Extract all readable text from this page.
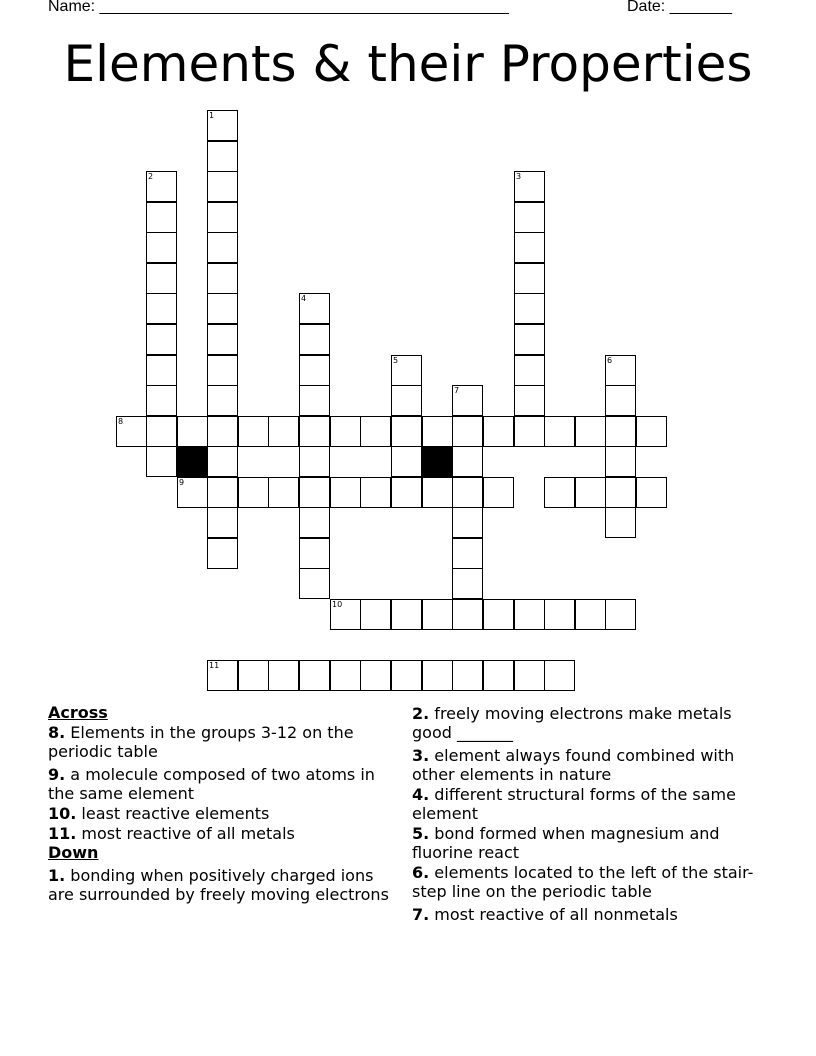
Name: ______________________________________________	Date: _______
Elements & their Properties
1
2	3
4
5	6
7
8
9
10
11
Across
8. Elements in the groups 3-12 on the periodic table
9. a molecule composed of two atoms in the same element
10. least reactive elements
11. most reactive of all metals
Down
1. bonding when positively charged ions are surrounded by freely moving electrons
2. freely moving electrons make metals good _______
3. element always found combined with other elements in nature
4. different structural forms of the same element
5. bond formed when magnesium and fluorine react
6. elements located to the left of the stair-step line on the periodic table
7. most reactive of all nonmetals
